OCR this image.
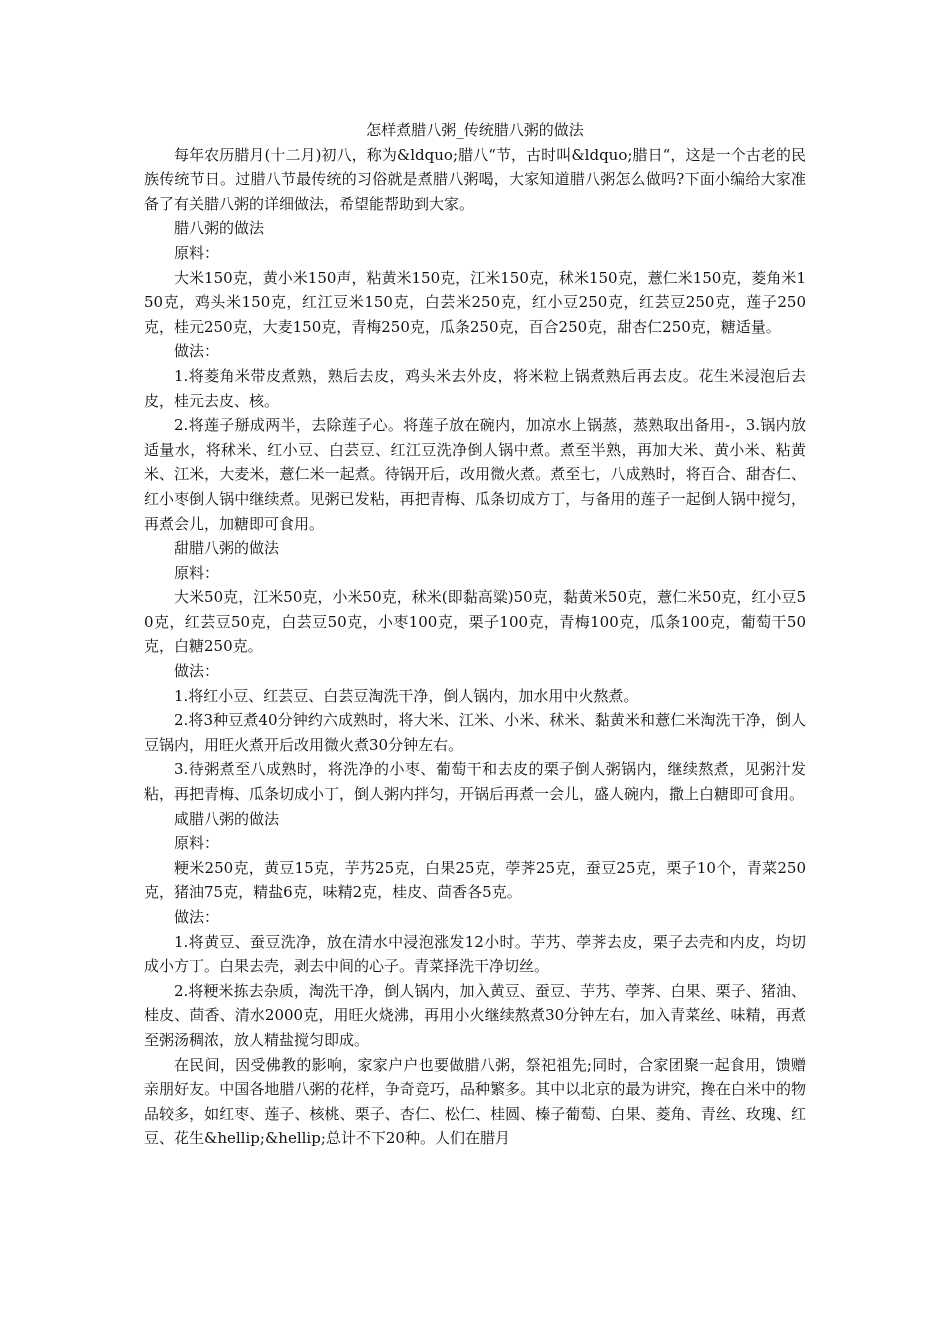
怎样煮腊八粥_传统腊八粥的做法
每年农历腊月(十二月)初八，称为&ldquo;腊八“节，古时叫&ldquo;腊日“，这是一个古老的民族传统节日。过腊八节最传统的习俗就是煮腊八粥喝，大家知道腊八粥怎么做吗?下面小编给大家准备了有关腊八粥的详细做法，希望能帮助到大家。
腊八粥的做法
原料：
大米150克，黄小米150声，粘黄米150克，江米150克，秫米150克，薏仁米150克，菱角米150克，鸡头米150克，红江豆米150克，白芸米250克，红小豆250克，红芸豆250克，莲子250克，桂元250克，大麦150克，青梅250克，瓜条250克，百合250克，甜杏仁250克，糖适量。
做法：
1.将菱角米带皮煮熟，熟后去皮，鸡头米去外皮，将米粒上锅煮熟后再去皮。花生米浸泡后去皮，桂元去皮、核。
2.将莲子掰成两半，去除莲子心。将莲子放在碗内，加凉水上锅蒸，蒸熟取出备用-，3.锅内放适量水，将秫米、红小豆、白芸豆、红江豆洗净倒人锅中煮。煮至半熟，再加大米、黄小米、粘黄米、江米，大麦米，薏仁米一起煮。待锅开后，改用微火煮。煮至七，八成熟时，将百合、甜杏仁、红小枣倒人锅中继续煮。见粥已发粘，再把青梅、瓜条切成方丁，与备用的莲子一起倒人锅中搅匀，再煮会儿，加糖即可食用。
甜腊八粥的做法
原料：
大米50克，江米50克，小米50克，秫米(即黏高粱)50克，黏黄米50克，薏仁米50克，红小豆50克，红芸豆50克，白芸豆50克，小枣100克，栗子100克，青梅100克，瓜条100克，葡萄干50克，白糖250克。
做法：
1.将红小豆、红芸豆、白芸豆淘洗干净，倒人锅内，加水用中火熬煮。
2.将3种豆煮40分钟约六成熟时，将大米、江米、小米、秫米、黏黄米和薏仁米淘洗干净，倒人豆锅内，用旺火煮开后改用微火煮30分钟左右。
3.待粥煮至八成熟时，将洗净的小枣、葡萄干和去皮的栗子倒人粥锅内，继续熬煮，见粥汁发粘，再把青梅、瓜条切成小丁，倒人粥内拌匀，开锅后再煮一会儿，盛人碗内，撒上白糖即可食用。
咸腊八粥的做法
原料：
粳米250克，黄豆15克，芋艿25克，白果25克，荸荠25克，蚕豆25克，栗子10个，青菜250克，猪油75克，精盐6克，味精2克，桂皮、茴香各5克。
做法：
1.将黄豆、蚕豆洗净，放在清水中浸泡涨发12小时。芋艿、荸荠去皮，栗子去壳和内皮，均切成小方丁。白果去壳，剥去中间的心子。青菜择洗干净切丝。
2.将粳米拣去杂质，淘洗干净，倒人锅内，加入黄豆、蚕豆、芋艿、荸荠、白果、栗子、猪油、桂皮、茴香、清水2000克，用旺火烧沸，再用小火继续熬煮30分钟左右，加入青菜丝、味精，再煮至粥汤稠浓，放人精盐搅匀即成。
在民间，因受佛教的影响，家家户户也要做腊八粥，祭祀祖先;同时，合家团聚一起食用，馈赠亲朋好友。中国各地腊八粥的花样，争奇竞巧，品种繁多。其中以北京的最为讲究，搀在白米中的物品较多，如红枣、莲子、核桃、栗子、杏仁、松仁、桂圆、榛子葡萄、白果、菱角、青丝、玫瑰、红豆、花生&hellip;&hellip;总计不下20种。人们在腊月
